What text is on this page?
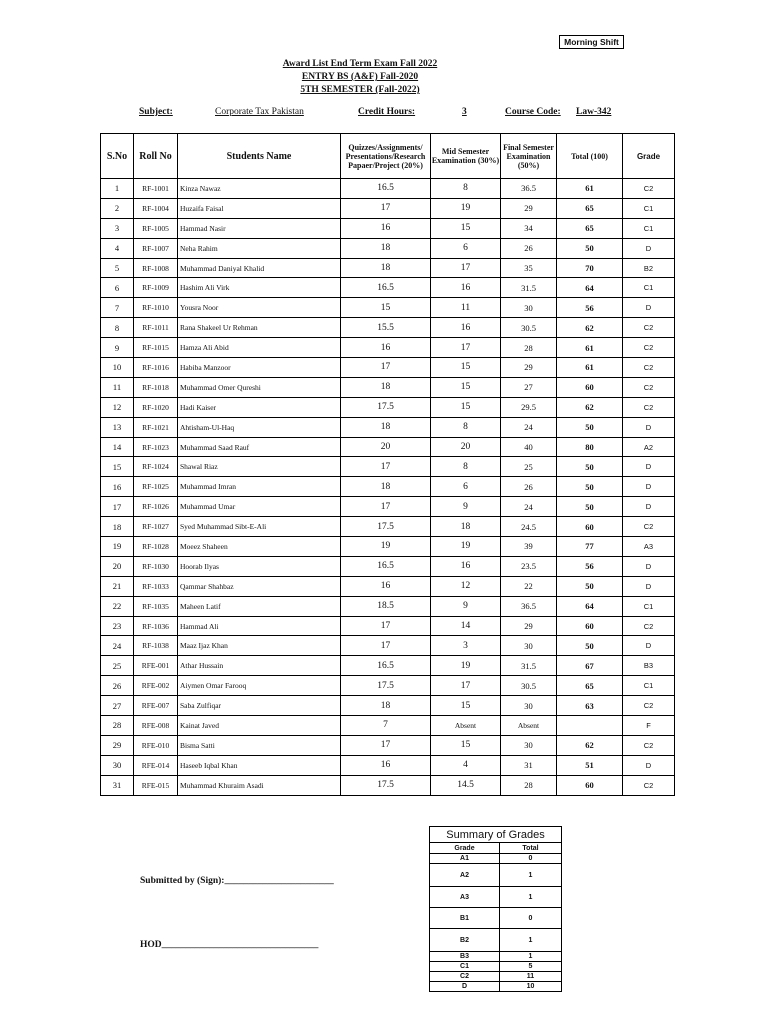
Morning Shift
Award List End Term Exam Fall 2022
ENTRY BS (A&F) Fall-2020
5TH SEMESTER (Fall-2022)
Subject:	Corporate Tax Pakistan	Credit Hours:	3	Course Code: Law-342
S.No	Roll No	Students Name	Quizzes/Assignments/ Presentations/Research Papaer/Project (20%)	Mid Semester Examination (30%)	Final Semester Examination (50%)	Total (100)	Grade
1	RF-1001	Kinza Nawaz	16.5	8	36.5	61	C2
2	RF-1004	Huzaifa Faisal	17	19	29	65	C1
3	RF-1005	Hammad Nasir	16	15	34	65	C1
4	RF-1007	Neha Rahim	18	6	26	50	D
5	RF-1008	Muhammad Daniyal Khalid	18	17	35	70	B2
6	RF-1009	Hashim Ali Virk	16.5	16	31.5	64	C1
7	RF-1010	Yousra Noor	15	11	30	56	D
8	RF-1011	Rana Shakeel Ur Rehman	15.5	16	30.5	62	C2
9	RF-1015	Hamza Ali Abid	16	17	28	61	C2
10	RF-1016	Habiba Manzoor	17	15	29	61	C2
11	RF-1018	Muhammad Omer Qureshi	18	15	27	60	C2
12	RF-1020	Hadi Kaiser	17.5	15	29.5	62	C2
13	RF-1021	Ahtisham-Ul-Haq	18	8	24	50	D
14	RF-1023	Muhammad Saad Rauf	20	20	40	80	A2
15	RF-1024	Shawal Riaz	17	8	25	50	D
16	RF-1025	Muhammad Imran	18	6	26	50	D
17	RF-1026	Muhammad Umar	17	9	24	50	D
18	RF-1027	Syed Muhammad Sibt-E-Ali	17.5	18	24.5	60	C2
19	RF-1028	Moeez Shaheen	19	19	39	77	A3
20	RF-1030	Hoorab Ilyas	16.5	16	23.5	56	D
21	RF-1033	Qammar Shahbaz	16	12	22	50	D
22	RF-1035	Maheen Latif	18.5	9	36.5	64	C1
23	RF-1036	Hammad Ali	17	14	29	60	C2
24	RF-1038	Maaz Ijaz Khan	17	3	30	50	D
25	RFE-001	Athar Hussain	16.5	19	31.5	67	B3
26	RFE-002	Aiymen Omar Farooq	17.5	17	30.5	65	C1
27	RFE-007	Saba Zulfiqar	18	15	30	63	C2
28	RFE-008	Kainat Javed	7	Absent	Absent		F
29	RFE-010	Bisma Satti	17	15	30	62	C2
30	RFE-014	Haseeb Iqbal Khan	16	4	31	51	D
31	RFE-015	Muhammad Khuraim Asadi	17.5	14.5	28	60	C2
Submitted by (Sign):_______________________
HOD_________________________________
Summary of Grades	
Grade	Total
A1	0
A2	1
A3	1
B1	0
B2	1
B3	1
C1	5
C2	11
D	10
